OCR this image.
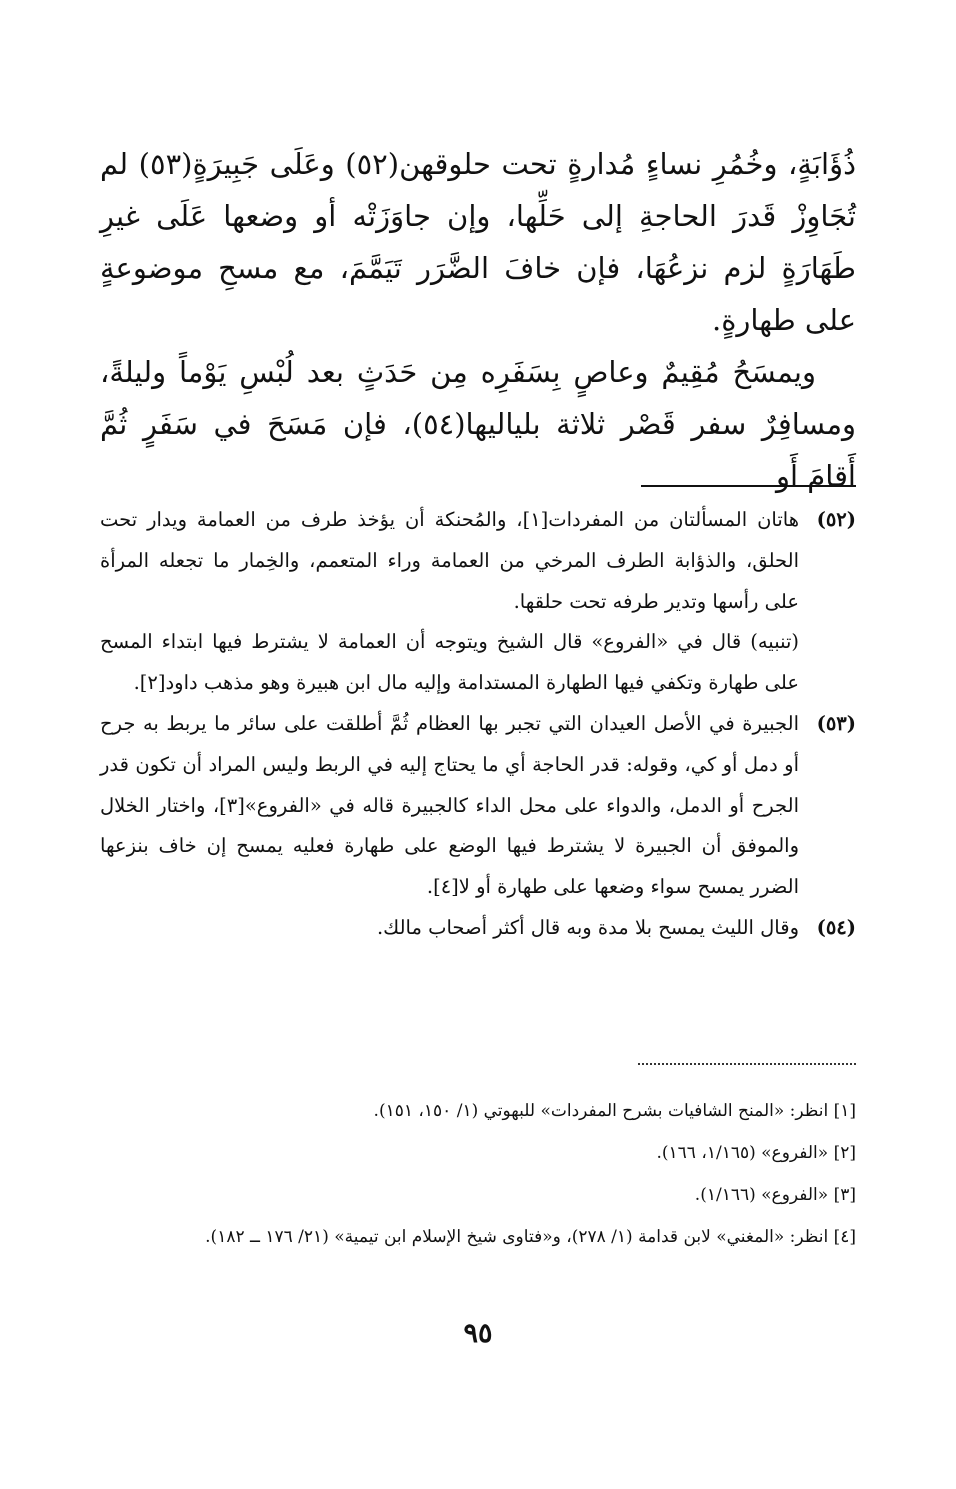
ذُؤَابَةٍ، وخُمُرِ نساءٍ مُدارةٍ تحت حلوقهن(٥٢) وعَلَى جَبِيرَةٍ(٥٣) لم تُجَاوِزْ قَدرَ الحاجةِ إلى حَلِّها، وإن جاوَزَتْه أو وضعها عَلَى غيرِ طَهَارَةٍ لزم نزعُهَا، فإن خافَ الضَّرَر تَيَمَّمَ، مع مسحِ موضوعةٍ على طهارةٍ.

ويمسَحُ مُقِيمٌ وعاصٍ بِسَفَرِه مِن حَدَثٍ بعد لُبْسِ يَوْماً وليلةً، ومسافِرٌ سفر قَصْر ثلاثة بلياليها(٥٤)، فإن مَسَحَ في سَفَرٍ ثُمَّ أَقامَ أَو

(٥٢)

هاتان المسألتان من المفردات[١]، والمُحنكة أن يؤخذ طرف من العمامة ويدار تحت الحلق، والذؤابة الطرف المرخي من العمامة وراء المتعمم، والخِمار ما تجعله المرأة على رأسها وتدير طرفه تحت حلقها.

(تنبيه) قال في «الفروع» قال الشيخ ويتوجه أن العمامة لا يشترط فيها ابتداء المسح على طهارة وتكفي فيها الطهارة المستدامة وإليه مال ابن هبيرة وهو مذهب داود[٢].

(٥٣)

الجبيرة في الأصل العيدان التي تجبر بها العظام ثُمَّ أطلقت على سائر ما يربط به جرح أو دمل أو كي، وقوله: قدر الحاجة أي ما يحتاج إليه في الربط وليس المراد أن تكون قدر الجرح أو الدمل، والدواء على محل الداء كالجبيرة قاله في «الفروع»[٣]، واختار الخلال والموفق أن الجبيرة لا يشترط فيها الوضع على طهارة فعليه يمسح إن خاف بنزعها الضرر يمسح سواء وضعها على طهارة أو لا[٤].

(٥٤)

وقال الليث يمسح بلا مدة وبه قال أكثر أصحاب مالك.

[١] انظر: «المنح الشافيات بشرح المفردات» للبهوتي (١/ ١٥٠، ١٥١).

[٢] «الفروع» (١/١٦٥، ١٦٦).

[٣] «الفروع» (١/١٦٦).

[٤] انظر: «المغني» لابن قدامة (١/ ٢٧٨)، و«فتاوى شيخ الإسلام ابن تيمية» (٢١/ ١٧٦ ــ ١٨٢).

٩٥
